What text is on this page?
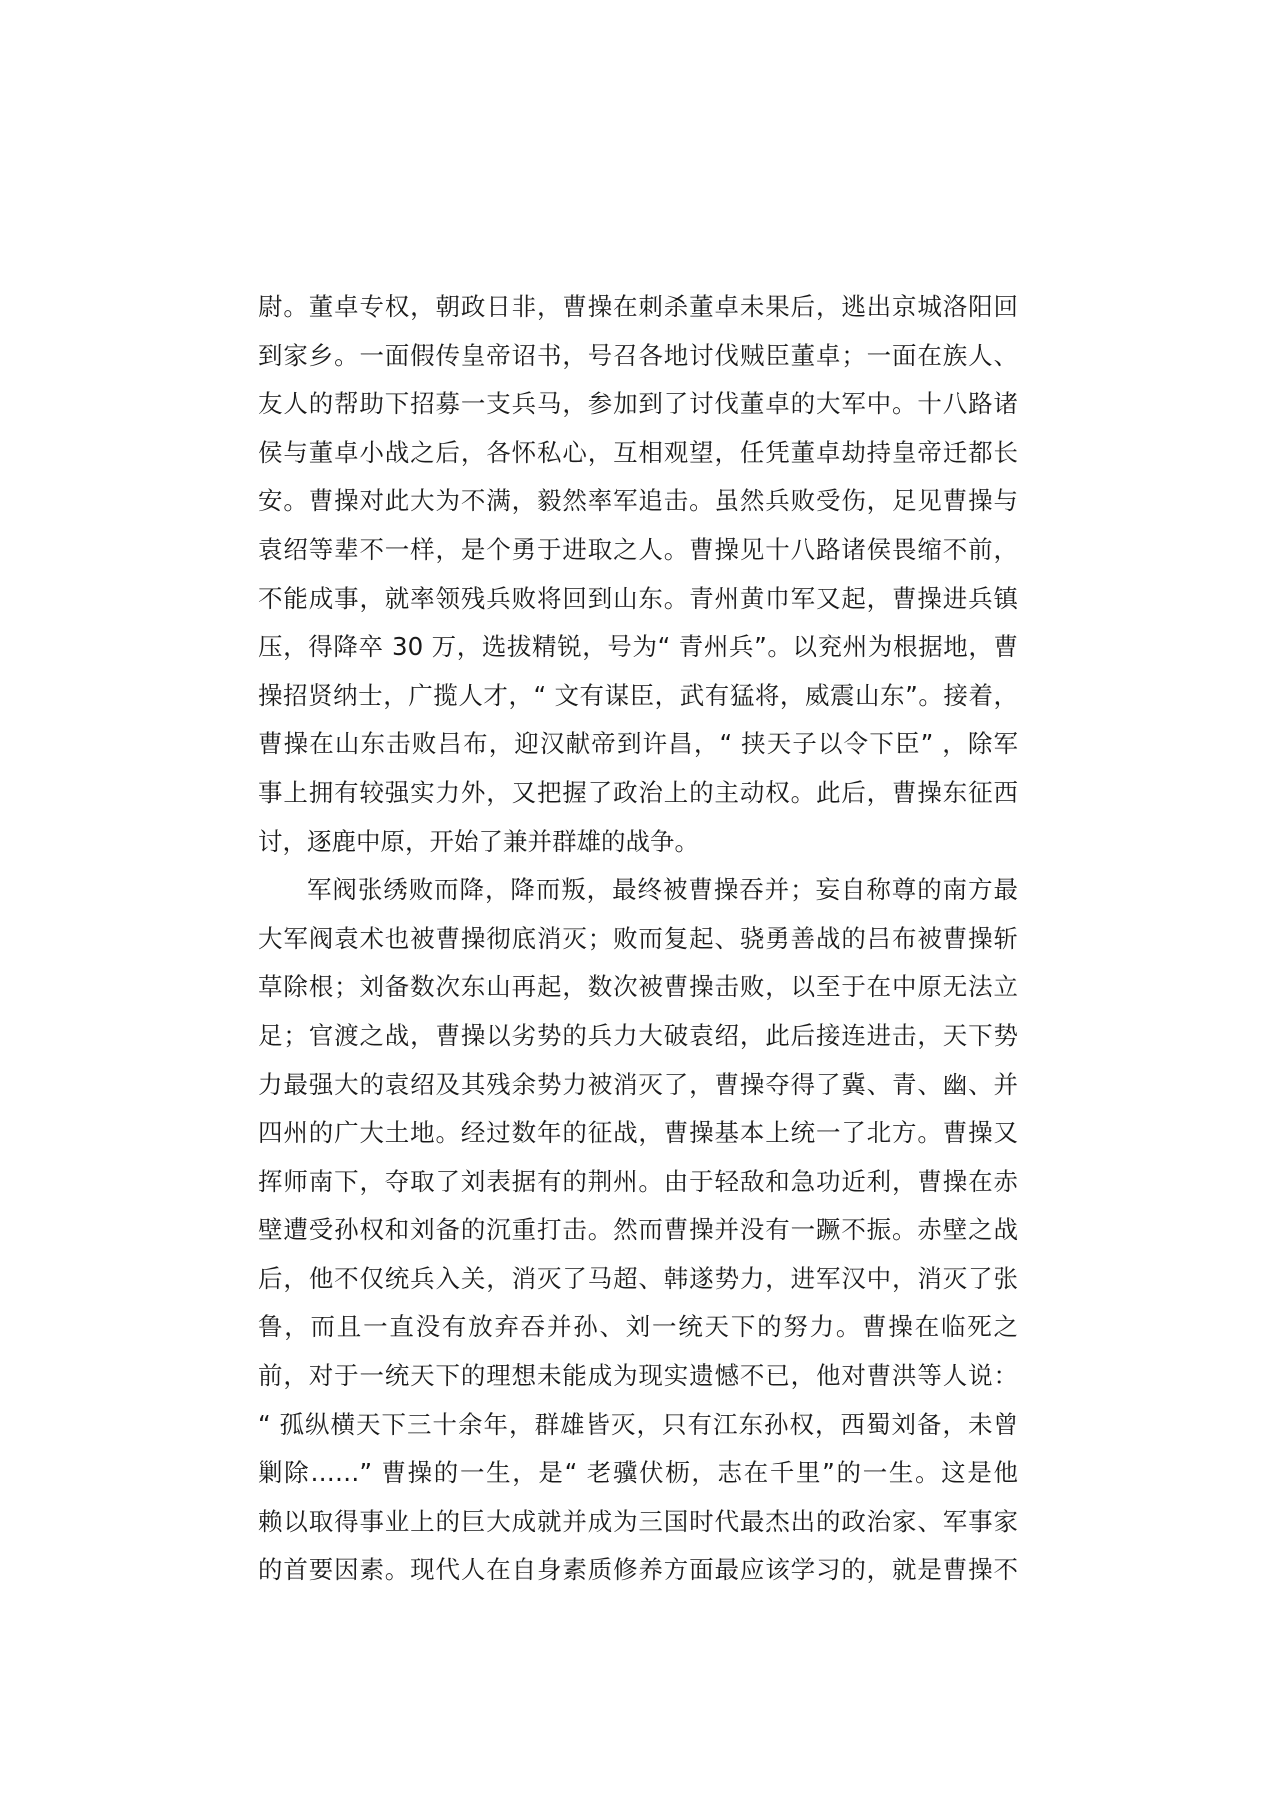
尉。董卓专权，朝政日非，曹操在刺杀董卓未果后，逃出京城洛阳回
到家乡。一面假传皇帝诏书，号召各地讨伐贼臣董卓；一面在族人、
友人的帮助下招募一支兵马，参加到了讨伐董卓的大军中。十八路诸
侯与董卓小战之后，各怀私心，互相观望，任凭董卓劫持皇帝迁都长
安。曹操对此大为不满，毅然率军追击。虽然兵败受伤，足见曹操与
袁绍等辈不一样，是个勇于进取之人。曹操见十八路诸侯畏缩不前，
不能成事，就率领残兵败将回到山东。青州黄巾军又起，曹操进兵镇
压，得降卒 30 万，选拔精锐，号为“ 青州兵”。以兖州为根据地，曹
操招贤纳士，广揽人才，“ 文有谋臣，武有猛将，威震山东”。接着，
曹操在山东击败吕布，迎汉献帝到许昌，“ 挟天子以令下臣” ，除军
事上拥有较强实力外，又把握了政治上的主动权。此后，曹操东征西
讨，逐鹿中原，开始了兼并群雄的战争。
军阀张绣败而降，降而叛，最终被曹操吞并；妄自称尊的南方最
大军阀袁术也被曹操彻底消灭；败而复起、骁勇善战的吕布被曹操斩
草除根；刘备数次东山再起，数次被曹操击败，以至于在中原无法立
足；官渡之战，曹操以劣势的兵力大破袁绍，此后接连进击，天下势
力最强大的袁绍及其残余势力被消灭了，曹操夺得了冀、青、幽、并
四州的广大土地。经过数年的征战，曹操基本上统一了北方。曹操又
挥师南下，夺取了刘表据有的荆州。由于轻敌和急功近利，曹操在赤
壁遭受孙权和刘备的沉重打击。然而曹操并没有一蹶不振。赤壁之战
后，他不仅统兵入关，消灭了马超、韩遂势力，进军汉中，消灭了张
鲁，而且一直没有放弃吞并孙、刘一统天下的努力。曹操在临死之
前，对于一统天下的理想未能成为现实遗憾不已，他对曹洪等人说：
“ 孤纵横天下三十余年，群雄皆灭，只有江东孙权，西蜀刘备，未曾
剿除……” 曹操的一生，是“ 老骥伏枥，志在千里”的一生。这是他
赖以取得事业上的巨大成就并成为三国时代最杰出的政治家、军事家
的首要因素。现代人在自身素质修养方面最应该学习的，就是曹操不
